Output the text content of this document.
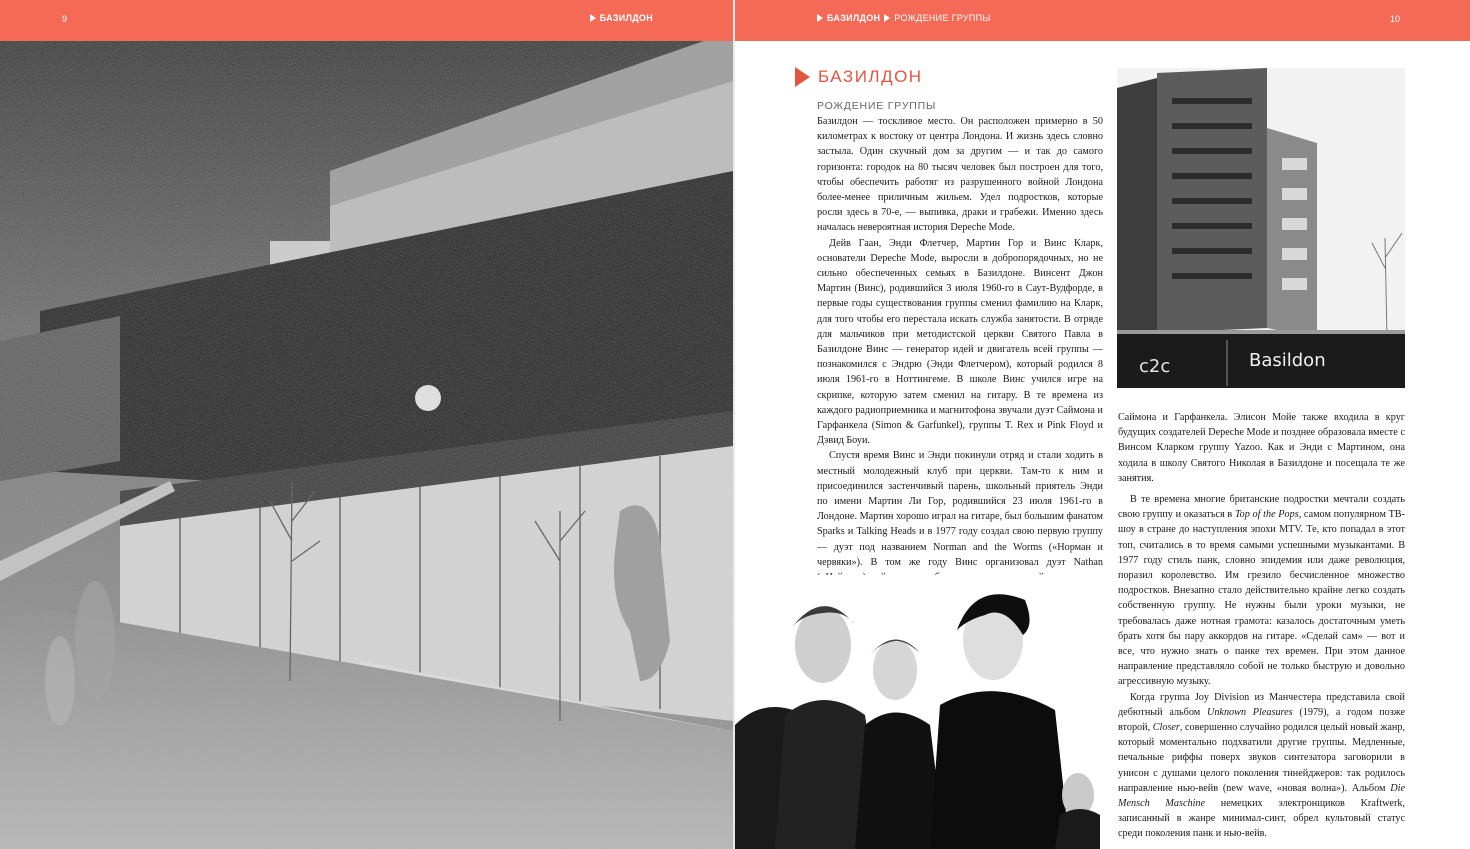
9	БАЗИЛДОН	БАЗИЛДОН РОЖДЕНИЕ ГРУППЫ	10
БАЗИЛДОН
РОЖДЕНИЕ ГРУППЫ

Базилдон — тоскливое место. Он расположен примерно в 50 километрах к востоку от центра Лондона. И жизнь здесь словно застыла. Один скучный дом за другим — и так до самого горизонта: городок на 80 тысяч человек был построен для того, чтобы обеспечить работяг из разрушенного войной Лондона более-менее приличным жильем. Удел подростков, которые росли здесь в 70-е, — выпивка, драки и грабежи. Именно здесь началась невероятная история Depeche Mode.

Дейв Гаан, Энди Флетчер, Мартин Гор и Винс Кларк, основатели Depeche Mode, выросли в добропорядочных, но не сильно обеспеченных семьях в Базилдоне. Винсент Джон Мартин (Винс), родившийся 3 июля 1960-го в Саут-Вудфорде, в первые годы существования группы сменил фамилию на Кларк, для того чтобы его перестала искать служба занятости. В отряде для мальчиков при методистской церкви Святого Павла в Базилдоне Винс — генератор идей и двигатель всей группы — познакомился с Эндрю (Энди Флетчером), который родился 8 июля 1961-го в Ноттингеме. В школе Винс учился игре на скрипке, которую затем сменил на гитару. В те времена из каждого радиоприемника и магнитофона звучали дуэт Саймона и Гарфанкела (Simon & Garfunkel), группы T. Rex и Pink Floyd и Дэвид Боуи.

Спустя время Винс и Энди покинули отряд и стали ходить в местный молодежный клуб при церкви. Там-то к ним и присоединился застенчивый парень, школьный приятель Энди по имени Мартин Ли Гор, родившийся 23 июля 1961-го в Лондоне. Мартин хорошо играл на гитаре, был большим фанатом Sparks и Talking Heads и в 1977 году создал свою первую группу — дуэт под названием Norman and the Worms («Норман и червяки»). В том же году Винс организовал дуэт Nathan

c2c	Basildon

Саймона и Гарфанкела. Элисон Мойе также входила в круг будущих создателей Depeche Mode и позднее образовала вместе с Винсом Кларком группу Yazoo. Как и Энди с Мартином, она ходила в школу Святого Николая в Базилдоне и посещала те же занятия.

В те времена многие британские подростки мечтали создать свою группу и оказаться в Top of the Pops, самом популярном ТВ-шоу в стране до наступления эпохи MTV. Те, кто попадал в этот топ, считались в то время самыми успешными музыкантами. В 1977 году стиль панк, словно эпидемия или даже революция, поразил королевство. Им грезило бесчисленное множество подростков. Внезапно стало действительно крайне легко создать собственную группу. Не нужны были уроки музыки, не требовалась даже нотная грамота: казалось достаточным уметь брать хотя бы пару аккордов на гитаре. «Сделай сам» — вот и все, что нужно знать о панке тех времен. При этом данное направление представляло собой не только быструю и довольно агрессивную музыку.

Когда группа Joy Division из Манчестера представила свой дебютный альбом Unknown Pleasures (1979), а годом позже второй, Closer, совершенно случайно родился целый новый жанр, который моментально подхватили другие группы. Медленные, печальные риффы поверх звуков синтезатора заговорили в унисон с душами целого поколения тинейджеров: так родилось направление нью-вейв (new wave, «новая волна»). Альбом Die Mensch Maschine немецких электронщиков Kraftwerk, записанный в жанре минимал-синт, обрел культовый статус среди поколения панк и нью-вейв.
